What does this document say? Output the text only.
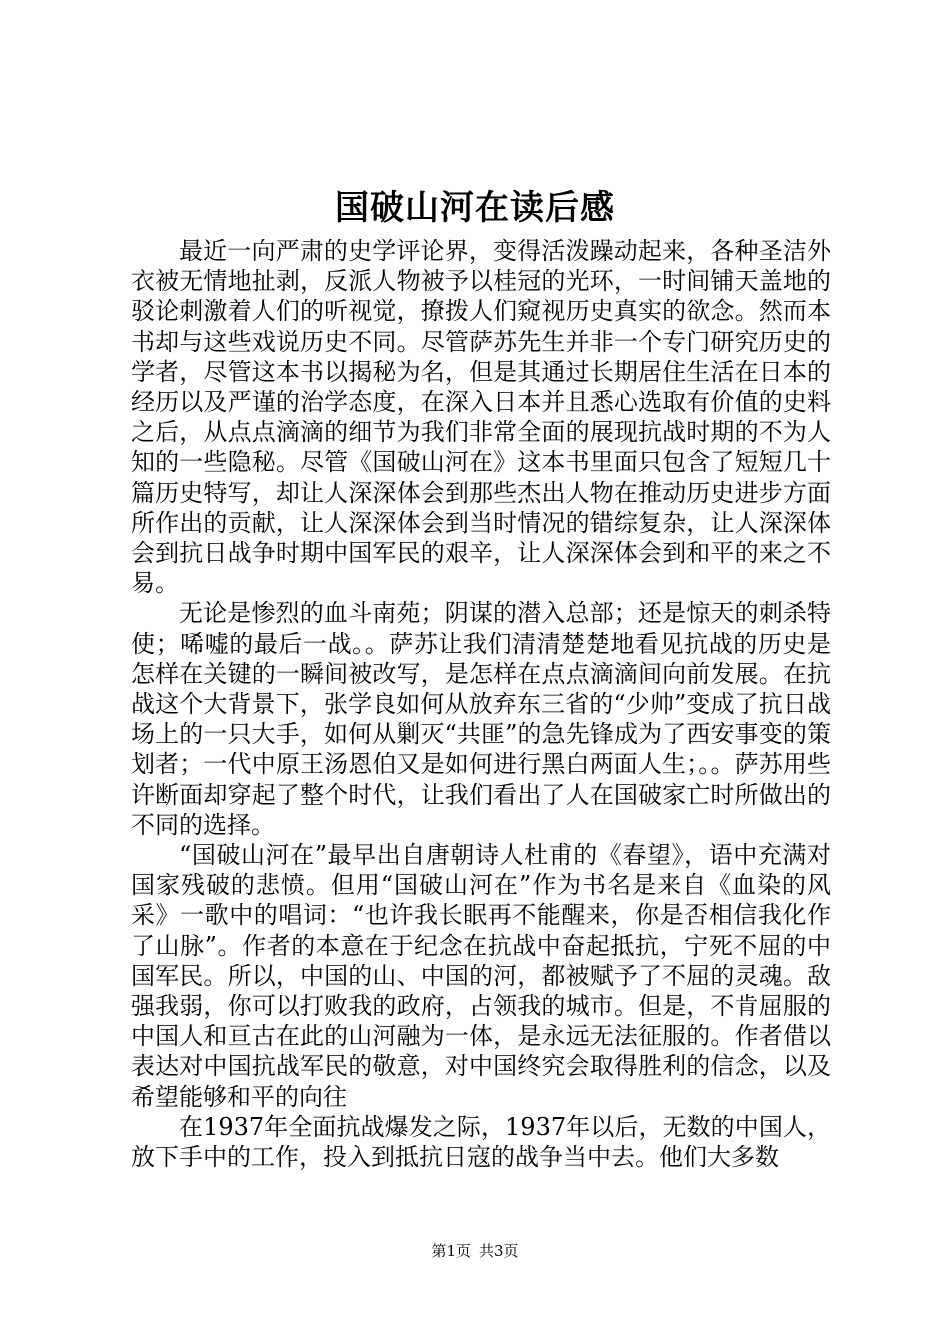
国破山河在读后感

最近一向严肃的史学评论界，变得活泼躁动起来，各种圣洁外衣被无情地扯剥，反派人物被予以桂冠的光环，一时间铺天盖地的驳论刺激着人们的听视觉，撩拨人们窥视历史真实的欲念。然而本书却与这些戏说历史不同。尽管萨苏先生并非一个专门研究历史的学者，尽管这本书以揭秘为名，但是其通过长期居住生活在日本的经历以及严谨的治学态度，在深入日本并且悉心选取有价值的史料之后，从点点滴滴的细节为我们非常全面的展现抗战时期的不为人知的一些隐秘。尽管《国破山河在》这本书里面只包含了短短几十篇历史特写，却让人深深体会到那些杰出人物在推动历史进步方面所作出的贡献，让人深深体会到当时情况的错综复杂，让人深深体会到抗日战争时期中国军民的艰辛，让人深深体会到和平的来之不易。

无论是惨烈的血斗南苑；阴谋的潜入总部；还是惊天的刺杀特使；唏嘘的最后一战。。萨苏让我们清清楚楚地看见抗战的历史是怎样在关键的一瞬间被改写，是怎样在点点滴滴间向前发展。在抗战这个大背景下，张学良如何从放弃东三省的“少帅”变成了抗日战场上的一只大手，如何从剿灭“共匪”的急先锋成为了西安事变的策划者；一代中原王汤恩伯又是如何进行黑白两面人生；。。萨苏用些许断面却穿起了整个时代，让我们看出了人在国破家亡时所做出的不同的选择。

“国破山河在”最早出自唐朝诗人杜甫的《春望》，语中充满对国家残破的悲愤。但用“国破山河在”作为书名是来自《血染的风采》一歌中的唱词：“也许我长眠再不能醒来，你是否相信我化作了山脉”。作者的本意在于纪念在抗战中奋起抵抗，宁死不屈的中国军民。所以，中国的山、中国的河，都被赋予了不屈的灵魂。敌强我弱，你可以打败我的政府，占领我的城市。但是，不肯屈服的中国人和亘古在此的山河融为一体，是永远无法征服的。作者借以表达对中国抗战军民的敬意，对中国终究会取得胜利的信念，以及希望能够和平的向往

在1937年全面抗战爆发之际，1937年以后，无数的中国人，放下手中的工作，投入到抵抗日寇的战争当中去。他们大多数

第1页 共3页
